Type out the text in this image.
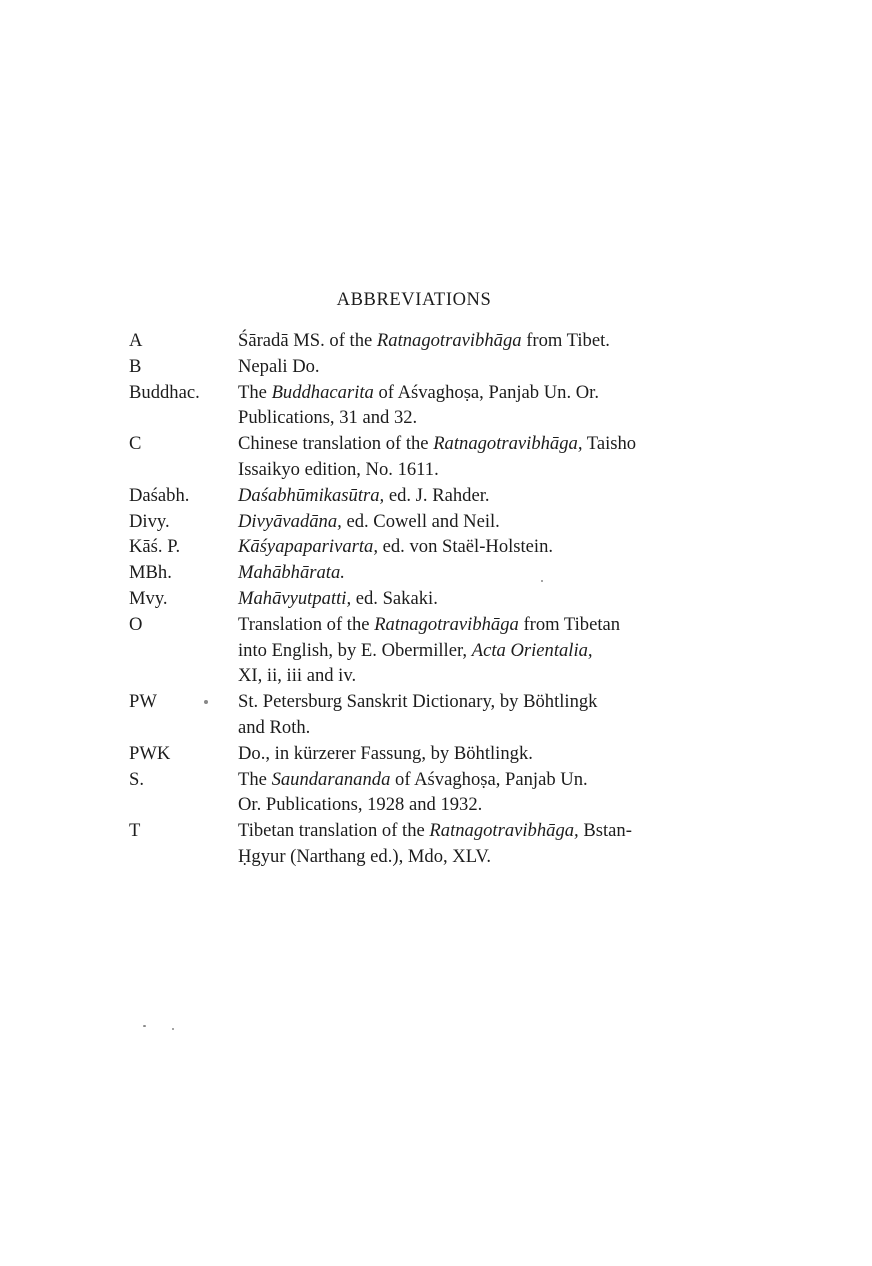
ABBREVIATIONS
A	Śāradā MS. of the Ratnagotravibhāga from Tibet.
B	Nepali Do.
Buddhac.	The Buddhacarita of Aśvaghoṣa, Panjab Un. Or.
Publications, 31 and 32.
C	Chinese translation of the Ratnagotravibhāga, Taisho
Issaikyo edition, No. 1611.
Daśabh.	Daśabhūmikasūtra, ed. J. Rahder.
Divy.	Divyāvadāna, ed. Cowell and Neil.
Kāś. P.	Kāśyapaparivarta, ed. von Staël-Holstein.
MBh.	Mahābhārata.
Mvy.	Mahāvyutpatti, ed. Sakaki.
O	Translation of the Ratnagotravibhāga from Tibetan
into English, by E. Obermiller, Acta Orientalia,
XI, ii, iii and iv.
PW	St. Petersburg Sanskrit Dictionary, by Böhtlingk
and Roth.
PWK	Do., in kürzerer Fassung, by Böhtlingk.
S.	The Saundarananda of Aśvaghoṣa, Panjab Un.
Or. Publications, 1928 and 1932.
T	Tibetan translation of the Ratnagotravibhāga, Bstan-
Ḥgyur (Narthang ed.), Mdo, XLV.
